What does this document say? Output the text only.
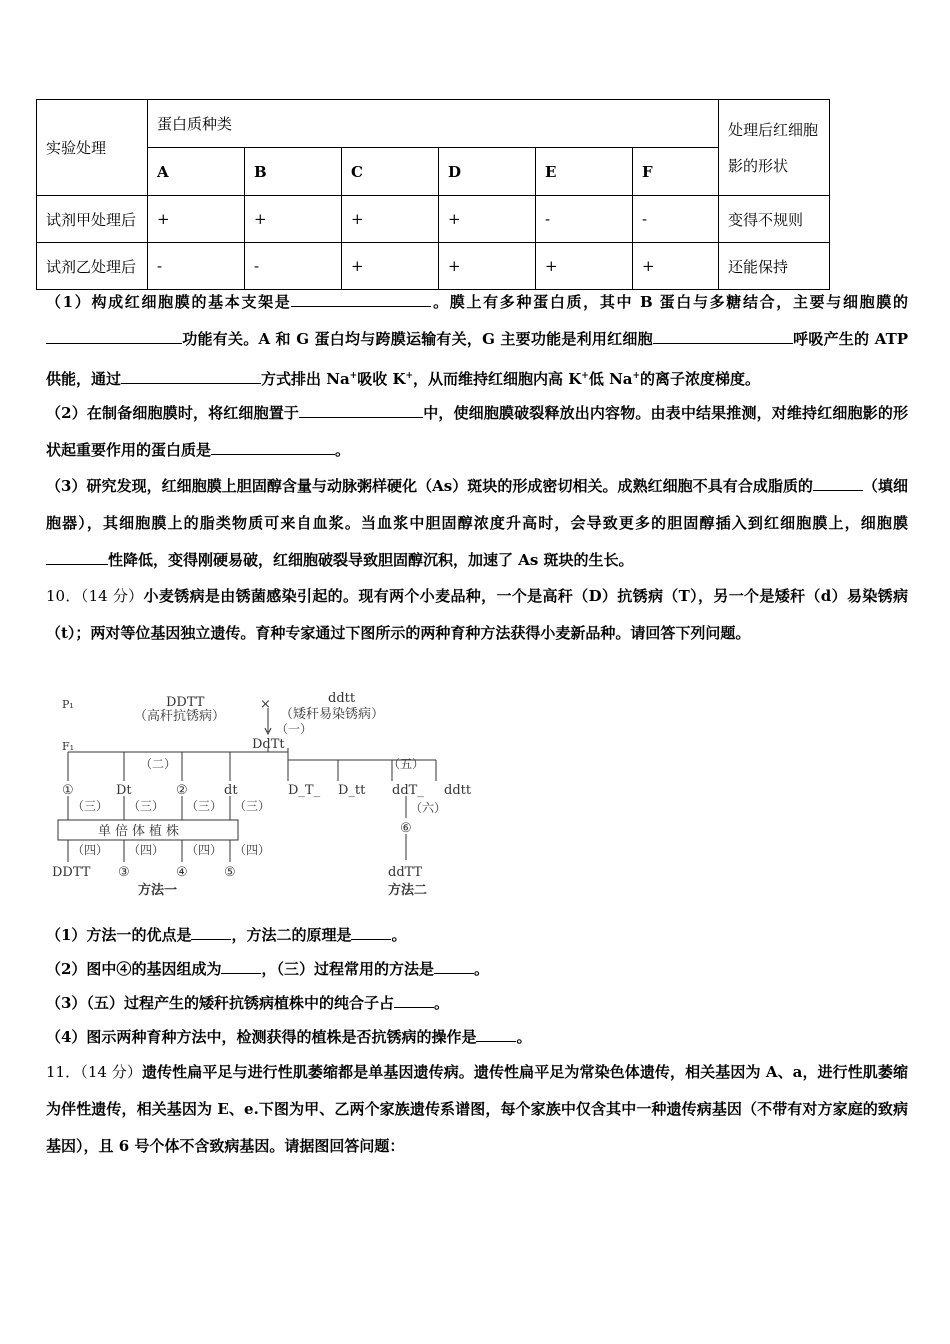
实验处理	蛋白质种类						处理后红细胞影的形状
	A	B	C	D	E	F	
试剂甲处理后	+	+	+	+	-	-	变得不规则
试剂乙处理后	-	-	+	+	+	+	还能保持

（1）构成红细胞膜的基本支架是	。膜上有多种蛋白质，其中 B 蛋白与多糖结合，主要与细胞膜的功能有关。A 和 G 蛋白均与跨膜运输有关，G 主要功能是利用红细胞	呼吸产生的 ATP 供能，通过	方式排出 Na+吸收 K+，从而维持红细胞内高 K+低 Na+的离子浓度梯度。

（2）在制备细胞膜时，将红细胞置于	中，使细胞膜破裂释放出内容物。由表中结果推测，对维持红细胞影的形状起重要作用的蛋白质是	。

（3）研究发现，红细胞膜上胆固醇含量与动脉粥样硬化（As）斑块的形成密切相关。成熟红细胞不具有合成脂质的	（填细胞器），其细胞膜上的脂类物质可来自血浆。当血浆中胆固醇浓度升高时，会导致更多的胆固醇插入到红细胞膜上，细胞膜性降低，变得刚硬易破，红细胞破裂导致胆固醇沉积，加速了 As 斑块的生长。

10．（14 分）小麦锈病是由锈菌感染引起的。现有两个小麦品种，一个是高秆（D）抗锈病（T），另一个是矮秆（d）易染锈病（t）；两对等位基因独立遗传。育种专家通过下图所示的两种育种方法获得小麦新品种。请回答下列问题。

P₁
F₁
DDTT
（高秆抗锈病）
×	ddtt
（矮秆易染锈病）
（一）
DdTt
（二）	（五）
①	Dt	②	dt
（三） （三） （三） （三）
单倍体植株
（四） （四） （四） （四）
DDTT ③	④	⑤
D_T_ D_tt ddT_ ddtt
（六）
⑥
ddTT
方法一	方法二

（1）方法一的优点是	，方法二的原理是	。

（2）图中④的基因组成为	，（三）过程常用的方法是	。

（3）（五）过程产生的矮秆抗锈病植株中的纯合子占	。

（4）图示两种育种方法中，检测获得的植株是否抗锈病的操作是	。

11．（14 分）遗传性扁平足与进行性肌萎缩都是单基因遗传病。遗传性扁平足为常染色体遗传，相关基因为 A、a，进行性肌萎缩为伴性遗传，相关基因为 E、e.下图为甲、乙两个家族遗传系谱图，每个家族中仅含其中一种遗传病基因（不带有对方家庭的致病基因），且 6 号个体不含致病基因。请据图回答问题：
